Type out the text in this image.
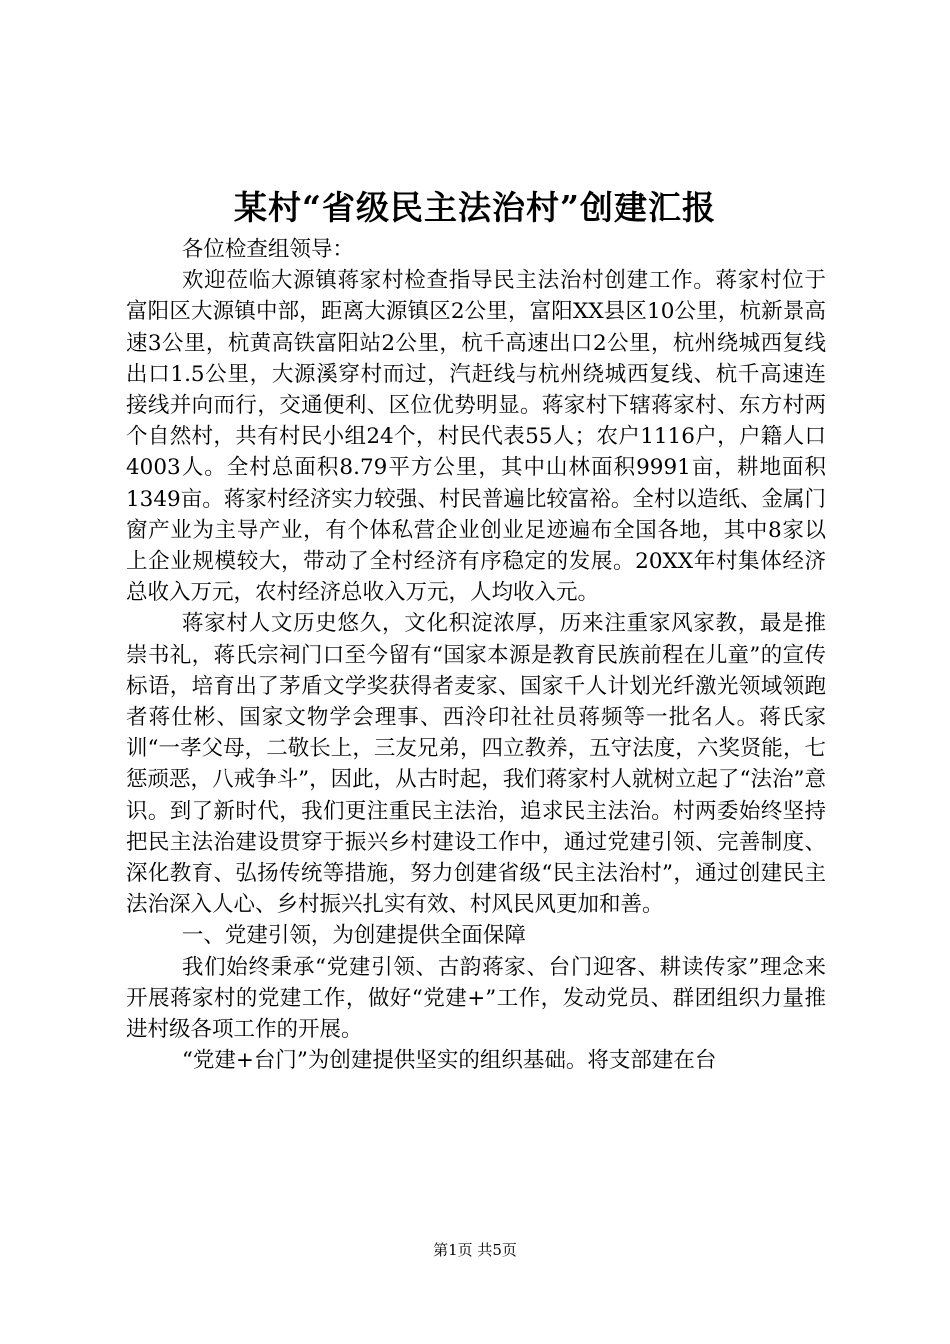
某村“省级民主法治村”创建汇报

各位检查组领导：

欢迎莅临大源镇蒋家村检查指导民主法治村创建工作。蒋家村位于富阳区大源镇中部，距离大源镇区2公里，富阳XX县区10公里，杭新景高速3公里，杭黄高铁富阳站2公里，杭千高速出口2公里，杭州绕城西复线出口1.5公里，大源溪穿村而过，汽赶线与杭州绕城西复线、杭千高速连接线并向而行，交通便利、区位优势明显。蒋家村下辖蒋家村、东方村两个自然村，共有村民小组24个，村民代表55人；农户1116户，户籍人口4003人。全村总面积8.79平方公里，其中山林面积9991亩，耕地面积1349亩。蒋家村经济实力较强、村民普遍比较富裕。全村以造纸、金属门窗产业为主导产业，有个体私营企业创业足迹遍布全国各地，其中8家以上企业规模较大，带动了全村经济有序稳定的发展。20XX年村集体经济总收入万元，农村经济总收入万元，人均收入元。

蒋家村人文历史悠久，文化积淀浓厚，历来注重家风家教，最是推崇书礼，蒋氏宗祠门口至今留有“国家本源是教育民族前程在儿童”的宣传标语，培育出了茅盾文学奖获得者麦家、国家千人计划光纤激光领域领跑者蒋仕彬、国家文物学会理事、西泠印社社员蒋频等一批名人。蒋氏家训“一孝父母，二敬长上，三友兄弟，四立教养，五守法度，六奖贤能，七惩顽恶，八戒争斗”，因此，从古时起，我们蒋家村人就树立起了“法治”意识。到了新时代，我们更注重民主法治，追求民主法治。村两委始终坚持把民主法治建设贯穿于振兴乡村建设工作中，通过党建引领、完善制度、深化教育、弘扬传统等措施，努力创建省级“民主法治村”，通过创建民主法治深入人心、乡村振兴扎实有效、村风民风更加和善。

一、党建引领，为创建提供全面保障

我们始终秉承“党建引领、古韵蒋家、台门迎客、耕读传家”理念来开展蒋家村的党建工作，做好“党建+”工作，发动党员、群团组织力量推进村级各项工作的开展。

“党建+台门”为创建提供坚实的组织基础。将支部建在台

第1页 共5页
